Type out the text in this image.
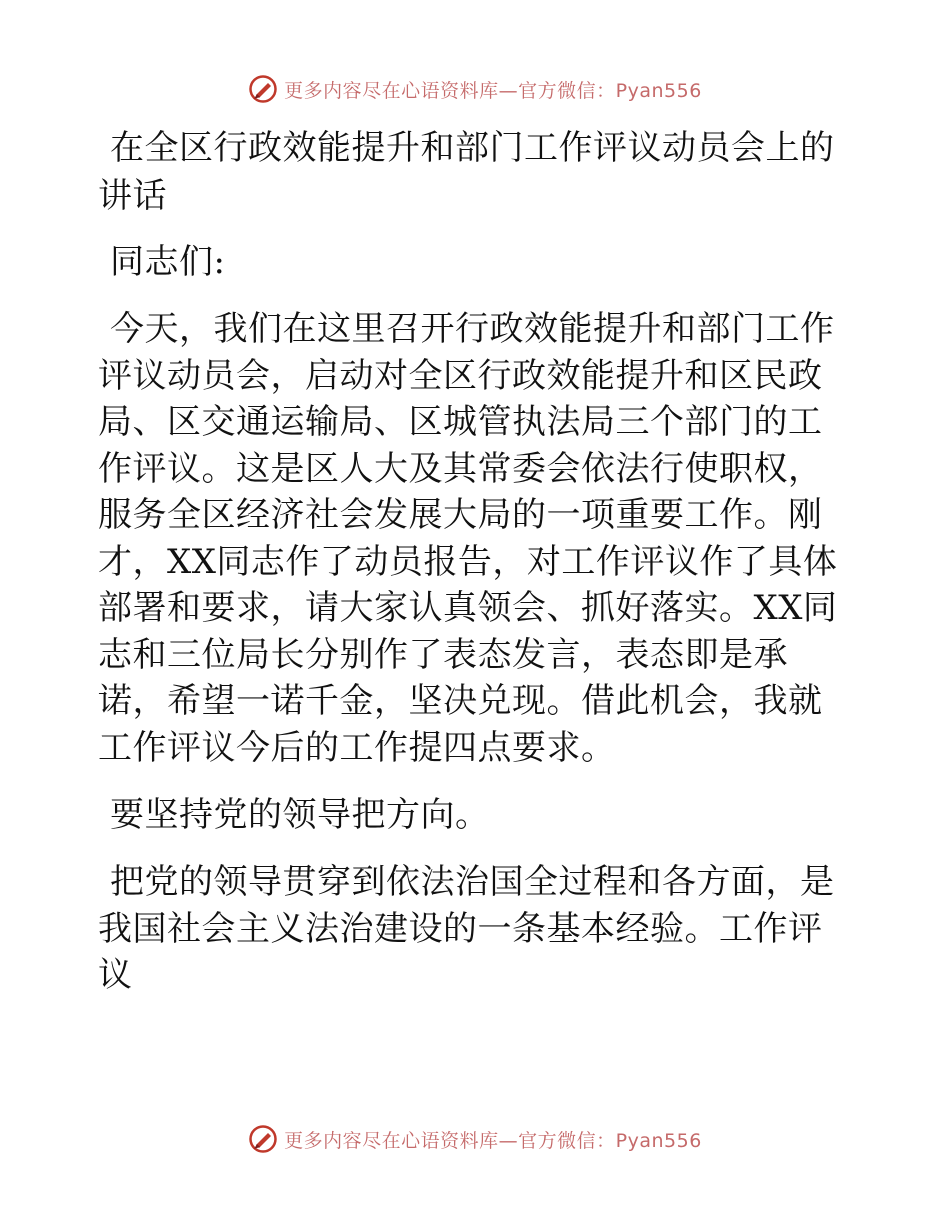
更多内容尽在心语资料库—官方微信：Pyan556

在全区行政效能提升和部门工作评议动员会上的讲话

同志们:

今天，我们在这里召开行政效能提升和部门工作评议动员会，启动对全区行政效能提升和区民政局、区交通运输局、区城管执法局三个部门的工作评议。这是区人大及其常委会依法行使职权，服务全区经济社会发展大局的一项重要工作。刚才，XX同志作了动员报告，对工作评议作了具体部署和要求，请大家认真领会、抓好落实。XX同志和三位局长分别作了表态发言，表态即是承诺，希望一诺千金，坚决兑现。借此机会，我就工作评议今后的工作提四点要求。

要坚持党的领导把方向。

把党的领导贯穿到依法治国全过程和各方面，是我国社会主义法治建设的一条基本经验。工作评议

更多内容尽在心语资料库—官方微信：Pyan556
